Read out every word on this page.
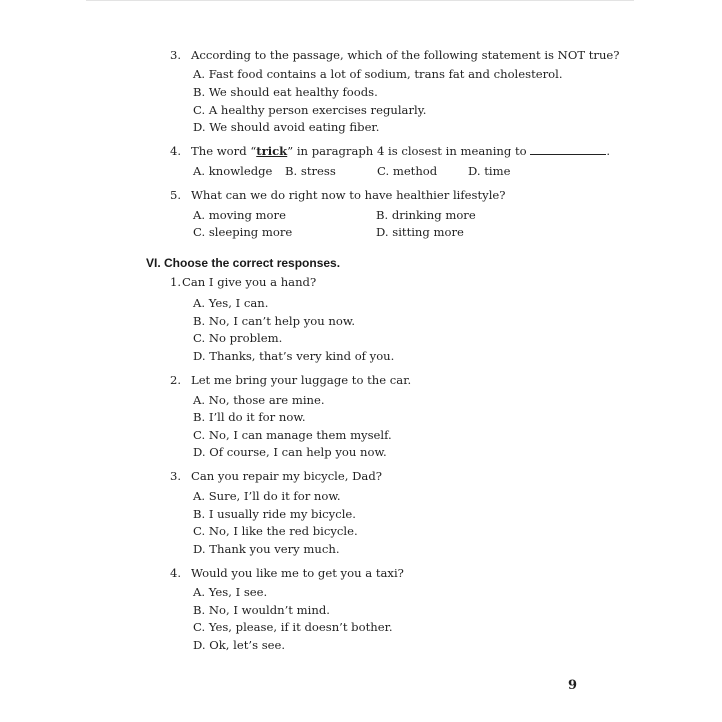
3. According to the passage, which of the following statement is NOT true?
A. Fast food contains a lot of sodium, trans fat and cholesterol.
B. We should eat healthy foods.
C. A healthy person exercises regularly.
D. We should avoid eating fiber.
4. The word “trick” in paragraph 4 is closest in meaning to	.
A. knowledge B. stress	C. method	D. time
5. What can we do right now to have healthier lifestyle?
A. moving more	B. drinking more
C. sleeping more	D. sitting more
VI. Choose the correct responses.
1. Can I give you a hand?
A. Yes, I can.
B. No, I can’t help you now.
C. No problem.
D. Thanks, that’s very kind of you.
2. Let me bring your luggage to the car.
A. No, those are mine.
B. I’ll do it for now.
C. No, I can manage them myself.
D. Of course, I can help you now.
3. Can you repair my bicycle, Dad?
A. Sure, I’ll do it for now.
B. I usually ride my bicycle.
C. No, I like the red bicycle.
D. Thank you very much.
4. Would you like me to get you a taxi?
A. Yes, I see.
B. No, I wouldn’t mind.
C. Yes, please, if it doesn’t bother.
D. Ok, let’s see.
9
